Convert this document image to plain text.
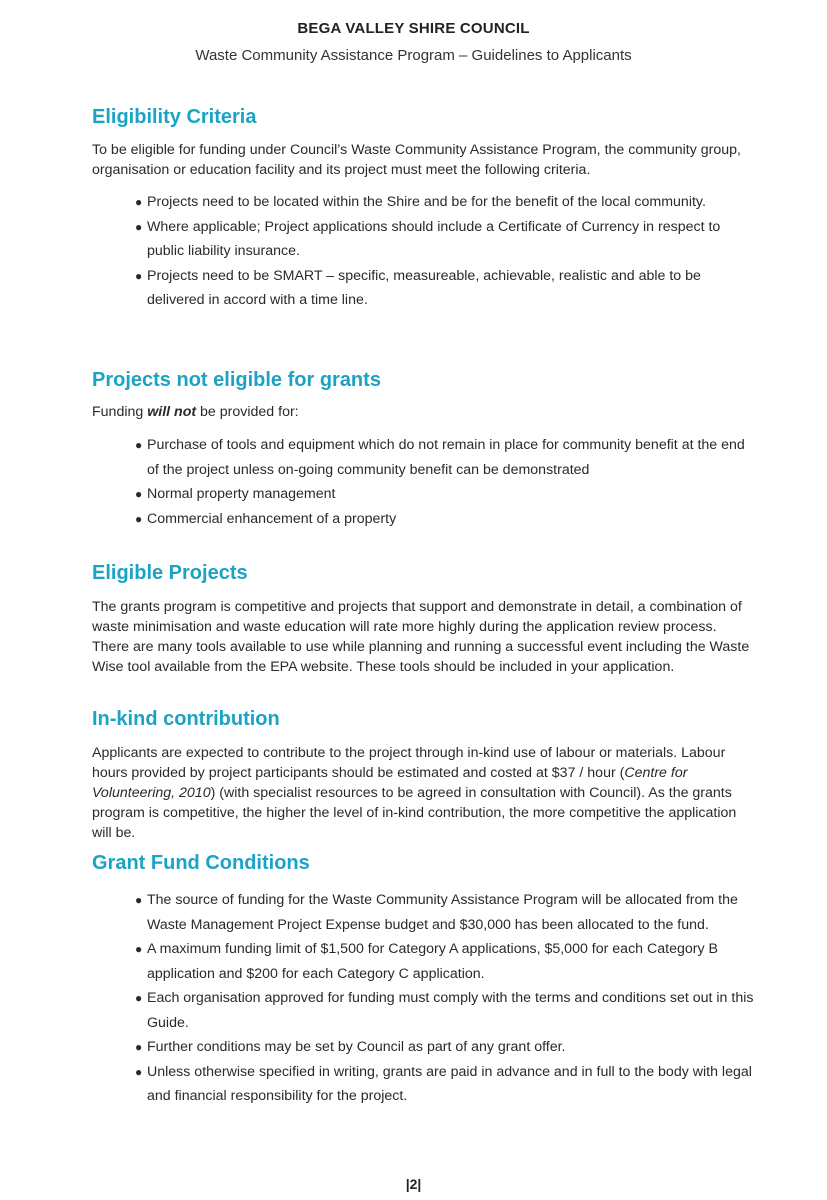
BEGA VALLEY SHIRE COUNCIL
Waste Community Assistance Program – Guidelines to Applicants
Eligibility Criteria

To be eligible for funding under Council’s Waste Community Assistance Program, the community group, organisation or education facility and its project must meet the following criteria.

● Projects need to be located within the Shire and be for the benefit of the local community.
● Where applicable; Project applications should include a Certificate of Currency in respect to public liability insurance.
● Projects need to be SMART – specific, measureable, achievable, realistic and able to be delivered in accord with a time line.
Projects not eligible for grants

Funding will not be provided for:

● Purchase of tools and equipment which do not remain in place for community benefit at the end of the project unless on-going community benefit can be demonstrated
● Normal property management
● Commercial enhancement of a property
Eligible Projects

The grants program is competitive and projects that support and demonstrate in detail, a combination of waste minimisation and waste education will rate more highly during the application review process. There are many tools available to use while planning and running a successful event including the Waste Wise tool available from the EPA website. These tools should be included in your application.

In-kind contribution

Applicants are expected to contribute to the project through in-kind use of labour or materials. Labour hours provided by project participants should be estimated and costed at $37 / hour (Centre for Volunteering, 2010) (with specialist resources to be agreed in consultation with Council). As the grants program is competitive, the higher the level of in-kind contribution, the more competitive the application will be.

Grant Fund Conditions
● The source of funding for the Waste Community Assistance Program will be allocated from the Waste Management Project Expense budget and $30,000 has been allocated to the fund.
● A maximum funding limit of $1,500 for Category A applications, $5,000 for each Category B application and $200 for each Category C application.
● Each organisation approved for funding must comply with the terms and conditions set out in this Guide.
● Further conditions may be set by Council as part of any grant offer.
● Unless otherwise specified in writing, grants are paid in advance and in full to the body with legal and financial responsibility for the project.
|2|
